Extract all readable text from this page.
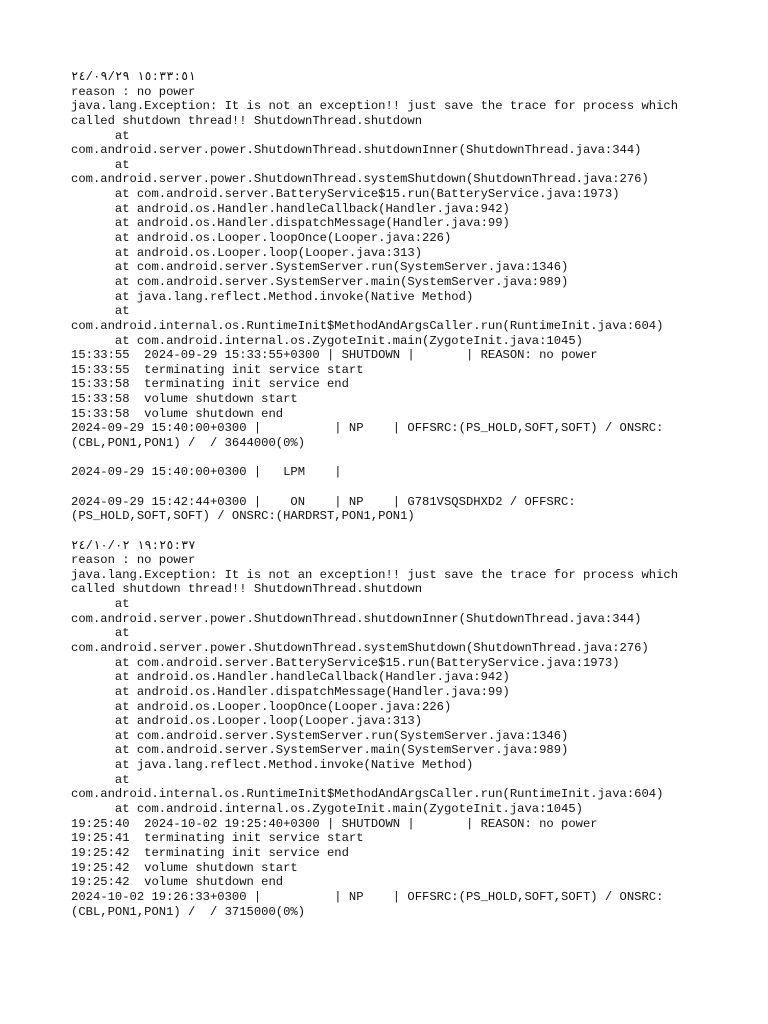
١٥:٣٣:٥١ ٢٤/٠٩/٢٩
reason : no power
java.lang.Exception: It is not an exception!! just save the trace for process which
called shutdown thread!! ShutdownThread.shutdown
at
com.android.server.power.ShutdownThread.shutdownInner(ShutdownThread.java:344)
at
com.android.server.power.ShutdownThread.systemShutdown(ShutdownThread.java:276)
at com.android.server.BatteryService$15.run(BatteryService.java:1973)
at android.os.Handler.handleCallback(Handler.java:942)
at android.os.Handler.dispatchMessage(Handler.java:99)
at android.os.Looper.loopOnce(Looper.java:226)
at android.os.Looper.loop(Looper.java:313)
at com.android.server.SystemServer.run(SystemServer.java:1346)
at com.android.server.SystemServer.main(SystemServer.java:989)
at java.lang.reflect.Method.invoke(Native Method)
at
com.android.internal.os.RuntimeInit$MethodAndArgsCaller.run(RuntimeInit.java:604)
at com.android.internal.os.ZygoteInit.main(ZygoteInit.java:1045)
15:33:55  2024-09-29 15:33:55+0300 | SHUTDOWN |       | REASON: no power
15:33:55  terminating init service start
15:33:58  terminating init service end
15:33:58  volume shutdown start
15:33:58  volume shutdown end
2024-09-29 15:40:00+0300 |          | NP    | OFFSRC:(PS_HOLD,SOFT,SOFT) / ONSRC:
(CBL,PON1,PON1) /  / 3644000(0%)
2024-09-29 15:40:00+0300 |   LPM    |
2024-09-29 15:42:44+0300 |    ON    | NP    | G781VSQSDHXD2 / OFFSRC:
(PS_HOLD,SOFT,SOFT) / ONSRC:(HARDRST,PON1,PON1)
١٩:٢٥:٣٧ ٢٤/١٠/٠٢
reason : no power
java.lang.Exception: It is not an exception!! just save the trace for process which
called shutdown thread!! ShutdownThread.shutdown
at
com.android.server.power.ShutdownThread.shutdownInner(ShutdownThread.java:344)
at
com.android.server.power.ShutdownThread.systemShutdown(ShutdownThread.java:276)
at com.android.server.BatteryService$15.run(BatteryService.java:1973)
at android.os.Handler.handleCallback(Handler.java:942)
at android.os.Handler.dispatchMessage(Handler.java:99)
at android.os.Looper.loopOnce(Looper.java:226)
at android.os.Looper.loop(Looper.java:313)
at com.android.server.SystemServer.run(SystemServer.java:1346)
at com.android.server.SystemServer.main(SystemServer.java:989)
at java.lang.reflect.Method.invoke(Native Method)
at
com.android.internal.os.RuntimeInit$MethodAndArgsCaller.run(RuntimeInit.java:604)
at com.android.internal.os.ZygoteInit.main(ZygoteInit.java:1045)
19:25:40  2024-10-02 19:25:40+0300 | SHUTDOWN |       | REASON: no power
19:25:41  terminating init service start
19:25:42  terminating init service end
19:25:42  volume shutdown start
19:25:42  volume shutdown end
2024-10-02 19:26:33+0300 |          | NP    | OFFSRC:(PS_HOLD,SOFT,SOFT) / ONSRC:
(CBL,PON1,PON1) /  / 3715000(0%)
